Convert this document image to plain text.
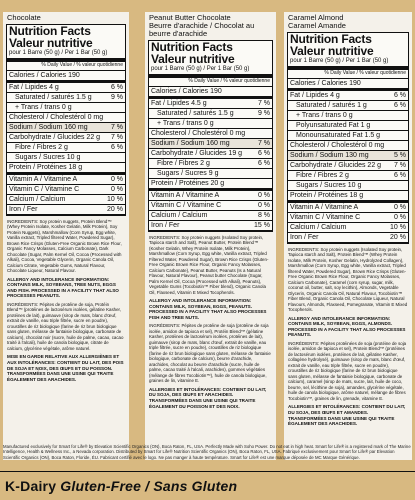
Chocolate
Nutrition Facts
Valeur nutritive
pour 1 Barre (50 g) / Per 1 Bar (50 g)
% Daily Value / % valeur quotidienne
Calories / Calories 190
Fat / Lipides 4 g	6 %
Saturated / saturés 1.5 g	9 %
+ Trans / trans 0 g
Cholesterol / Cholestérol 0 mg
Sodium / Sodium 160 mg	7 %
Carbohydrate / Glucides 22 g 7 %
Fibre / Fibres 2 g	6 %
Sugars / Sucres 10 g
Protein / Protéines 18 g
Vitamin A / Vitamine A	0 %
Vitamin C / Vitamine C	0 %
Calcium / Calcium	10 %
Iron / Fer	20 %
INGREDIENTS: Soy protein nuggets, Protein Blend™ (Whey Protein Isolate, Kosher Gelatin, Milk Protein), Soy Protein Nuggets), Marshmallow (Corn Syrup, Egg white, Vanilla extract, Tripled filtered Water, Powdered Sugar), Brown Rice Crisps (Gluten-Free Organic Brown Rice Flour, Organic Fancy Molasses, Calcium Carbonate), Dark Chocolate (Sugar, Palm Kernel Oil, Cocoa (Processed with Alkali), Cocoa, Vegetable Glycerin, Organic Canola Oil, Calcium Citrate, Vegetable Gums, Natural Flavour, Chocolate Liqueur, Natural Flavour.
ALLERGY AND INTOLERANCE INFORMATION: CONTAINS MILK, SOYBEANS, TREE NUTS, EGGS AND FISH. PROCESSED IN A FACILITY THAT ALSO PROCESSES PEANUTS.
INGRÉDIENTS: Pépites de protéine de soja, Protéin Blend™ (protéines de lactosérum isolées, gélatine Kasher, protéines de lait), guimauve (sirop de maïs, blanc d'œuf, extrait de vanille, eau triple filtrée, sucre en poudre), croustilles de riz biologique (farine de riz brun biologique sans gluten, mélasse de fantaisie biologique, carbonate de calcium), chocolat noir (sucre, huile de palme, cacao, cacao traité à l'alcali), huile de canola biologique, citrate de calcium, glycérine végétale, arôme naturel.
MISE EN GARDE RELATIVE AUX ALLERGIÈNES ET AUX INTOLÉRANCES: CONTIENT DU LAIT, DES POIS DE SOJA ET NOIX, DES ŒUFS ET DU POISSON. TRANSFORMÉES DANS UNE USINE QUI TRAITE ÉGALEMENT DES ARACHIDES.
Peanut Butter Chocolate
Beurre d'arachide / Chocolat au beurre d'arachide
Nutrition Facts
Valeur nutritive
pour 1 Barre (50 g) / Per 1 Bar (50 g)
% Daily Value / % valeur quotidienne
Calories / Calories 190
Fat / Lipides 4.5 g	7 %
Saturated / saturés 1.5 g	9 %
+ Trans / trans 0 g
Cholesterol / Cholestérol 0 mg
Sodium / Sodium 160 mg	7 %
Carbohydrate / Glucides 19 g 6 %
Fibre / Fibres 2 g	6 %
Sugars / Sucres 9 g
Protein / Protéines 20 g
Vitamin A / Vitamine A	0 %
Vitamin C / Vitamine C	0 %
Calcium / Calcium	8 %
Iron / Fer	15 %
INGREDIENTS: Soy protein nuggets (Isolated Soy protein, Tapioca starch and Salt), Peanut Butter, Protein Blend™ (Kosher Gelatin, Whey Protein Isolate, Milk Protein), Marshmallow (Corn Syrup, Egg white, Vanilla extract, Tripled Filtered Water, Powdered Sugar), Brown Rice Crisps (Gluten-Free Organic Brown Rice Flour, Organic Fancy Molasses, Calcium Carbonate), Peanut Butter, Peanuts (Is a Natural Flavour, Natural Flavour), Peanut butter Chocolate (Sugar, Palm Kernel Oil, Cocoa (Processed with Alkali), Peanuts), Vegetable Gums (Tocobiotin™ Fiber blend), Organic Canola Oil, Flaxseed, Vitamin E Mixed Tocopherols.
ALLERGY AND INTOLERANCE INFORMATION: CONTAINS MILK, SOYBEAN, EGGS, PEANUTS. PROCESSED IN A FACILITY THAT ALSO PROCESSES FISH AND TREE NUTS.
INGRÉDIENTS: Pépites de protéine de soja (protéine de soja isolée, amidon de tapioca et sel), Protéin Blend™ (gélatine Kasher, protéines de lactosérum isolées, protéines de lait), guimauve (sirop de maïs, blanc d'œuf, extrait de vanille, eau triple filtrée, sucre en poudre), croustilles de riz biologique (farine de riz brun biologique sans gluten, mélasse de fantaisie biologique, carbonate de calcium), beurre d'arachide, arachides, chocolat au beurre d'arachide (sucre, huile de palme, cacao traité à l'alcali, arachides), gommes végétales (mélange de fibres Tocobiotin™), huile de canola biologique, graines de lin, vitamine E.
ALLERGIES ET INTOLÉRANCES: CONTIENT DU LAIT, DU SOJA, DES ŒUFS ET ARACHIDES. TRANSFORMÉES DANS UNE USINE QUI TRAITE ÉGALEMENT DU POISSON ET DES NOIX.
Caramel Almond
Caramel Amande
Nutrition Facts
Valeur nutritive
pour 1 Barre (50 g) / Per 1 Bar (50 g)
% Daily Value / % valeur quotidienne
Calories / Calories 190
Fat / Lipides 4 g	6 %
Saturated / saturés 1 g	6 %
+ Trans / trans 0 g
Polyunsaturated Fat 1 g
Monounsaturated Fat 1.5 g
Cholesterol / Cholestérol 0 mg
Sodium / Sodium 130 mg	5 %
Carbohydrate / Glucides 22 g 7 %
Fibre / Fibres 2 g	6 %
Sugars / Sucres 10 g
Protein / Protéines 18 g
Vitamin A / Vitamine A	0 %
Vitamin C / Vitamine C	0 %
Calcium / Calcium	10 %
Iron / Fer	20 %
INGREDIENTS: Soy protein nuggets (Isolated Soy protein, Tapioca starch and Salt), Protein Blend™ (Whey Protein Isolate, Milk Protein, Kosher Gelatin, Hydrolyzed Collagen), Marshmallow (Corn Syrup, Egg white, Vanilla extract, Tripled filtered Water, Powdered Sugar), Brown Rice Crisps (Gluten-Free Organic Brown Rice Flour, Organic Fancy Molasses, Calcium Carbonate), Caramel (corn syrup, sugar, milk, coconut oil, butter, salt, soy lecithin), Almonds, Vegetable Glycerin, Organic Canola Oil, Natural Flavour, Tocobiotin™ Fiber Blend, Organic Canola Oil, Chocolate Liqueur, Natural Flavours, Almonds, Flaxseed, Pomegranate, Vitamin E Mixed Tocopherols.
ALLERGY AND INTOLERANCE INFORMATION: CONTAINS MILK, SOYBEAN, EGGS, ALMONDS. PROCESSED IN A FACILITY THAT ALSO PROCESSES PEANUTS.
INGRÉDIENTS: Pépites protéinées de soja (protéine de soja isolée, amidon de tapioca et sel), Protein Blend™ (protéines de lactosérum isolées, protéines de lait, gélatine Kasher, collagène hydrolysé), guimauve (sirop de maïs, blanc d'œuf, extrait de vanille, eau triple filtrée, sucre en poudre), croustilles de riz biologique (farine de riz brun biologique sans gluten, mélasse de fantaisie biologique, carbonate de calcium), caramel (sirop de maïs, sucre, lait, huile de coco, beurre, sel, lécithine de soja), amandes, glycérine végétale, huile de canola biologique, arôme naturel, mélange de fibres Tocobiotin™, graines de lin, grenade, vitamine E.
ALLERGIES ET INTOLÉRANCES: CONTIENT DU LAIT, DU SOJA, DES ŒUFS ET AMANDES. TRANSFORMÉES DANS UNE USINE QUI TRAITE ÉGALEMENT DES ARACHIDES.
Manufactured exclusively for Smart for Life® by Elevation Scientific Organics (ON), Boca Raton, FL, USA. Perfectly Made with Soho Power. Do not eat in high heat. Smart for Life® is a registered mark of The Marine Intelligence, Health & Wellness Inc., a Nevada corporation. Distributed by Smart for Life® Nutrition Scientific Organics (ON), Boca Raton, FL, USA. Fabriqué exclusivement pour Smart for Life® par Elevation Scientific Organics (ON), Boca Raton, Floride, ÉU. Fabricant certifié avec le logo. Ne pas manger à haute température. Smart for Life® est une marque déposée de MC Marque Générique.
K-Dairy Gluten-Free / Sans Gluten
